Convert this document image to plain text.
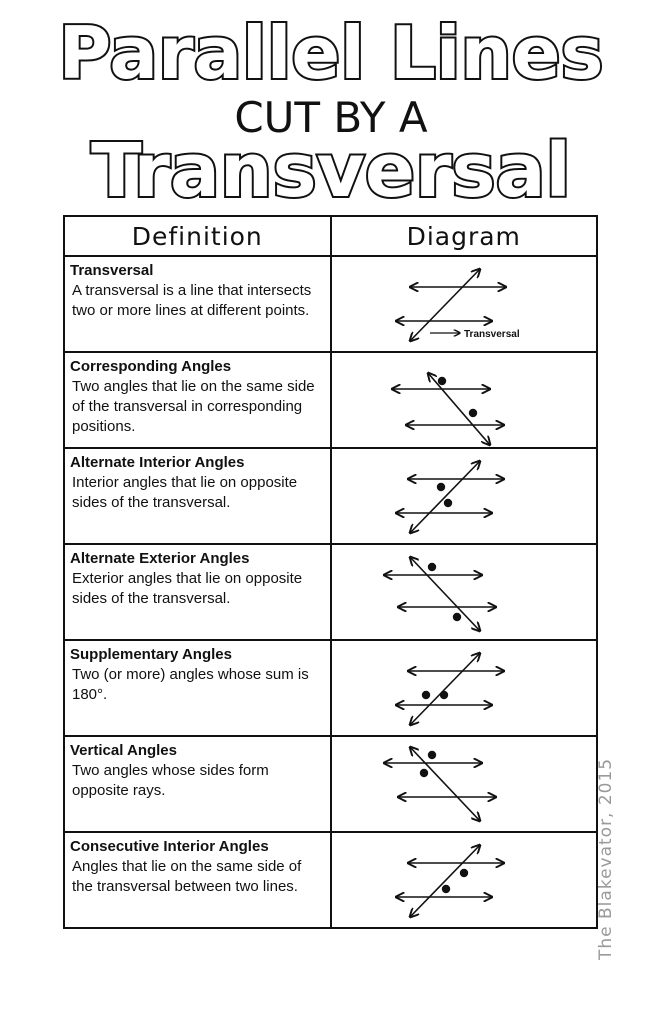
Parallel Lines
CUT BY A
Transversal
Definition	Diagram

Transversal
A transversal is a line that intersects two or more lines at different points.	Transversal

Corresponding Angles
Two angles that lie on the same side of the transversal in corresponding positions.

Alternate Interior Angles
Interior angles that lie on opposite sides of the transversal.

Alternate Exterior Angles
Exterior angles that lie on opposite sides of the transversal.

Supplementary Angles
Two (or more) angles whose sum is 180°.

Vertical Angles
Two angles whose sides form opposite rays.

Consecutive Interior Angles
Angles that lie on the same side of the transversal between two lines.
		The Blakevator, 2015
